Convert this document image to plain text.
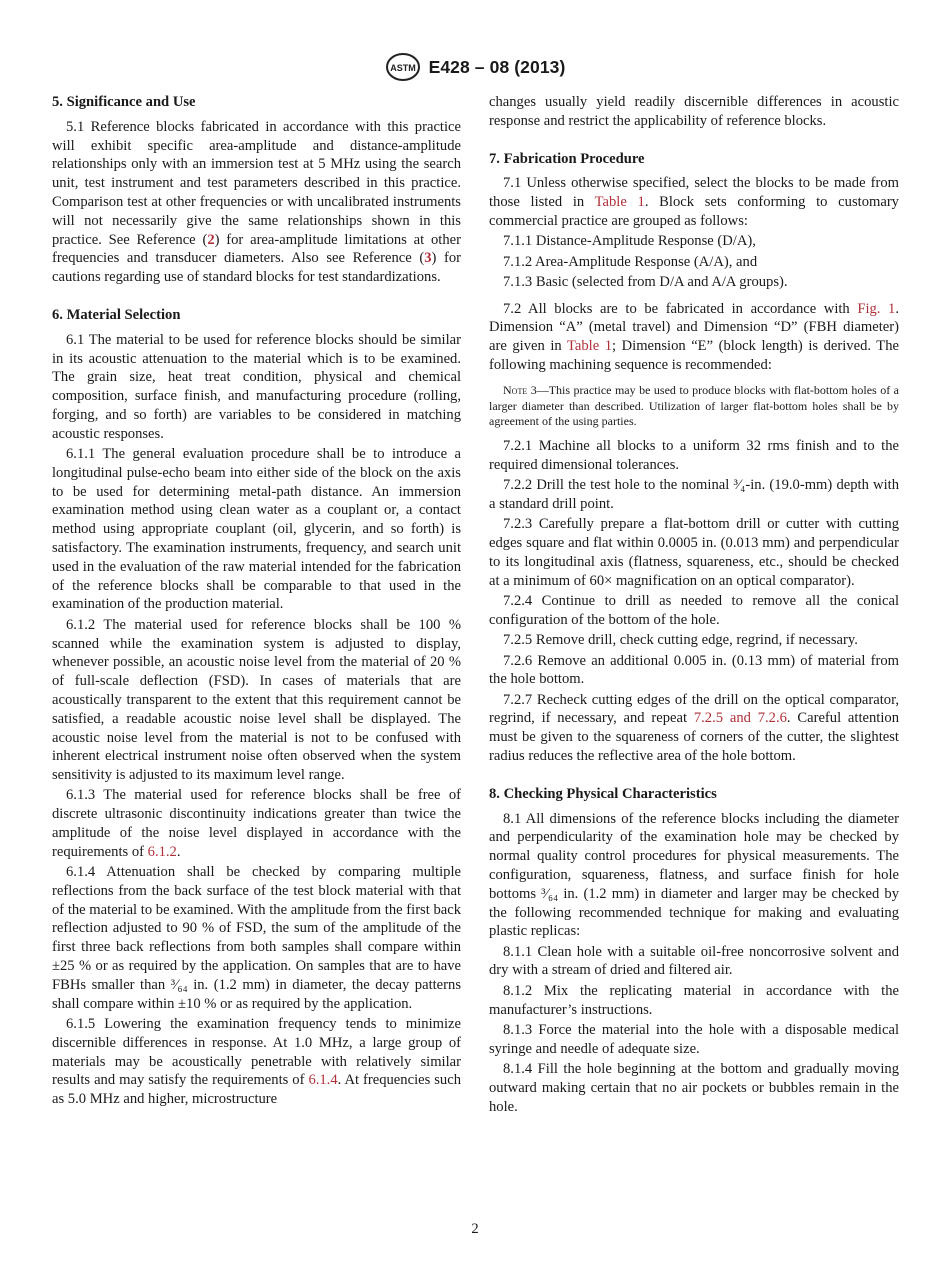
ASTM E428 – 08 (2013)
5. Significance and Use

5.1 Reference blocks fabricated in accordance with this practice will exhibit specific area-amplitude and distance-amplitude relationships only with an immersion test at 5 MHz using the search unit, test instrument and test parameters described in this practice. Comparison test at other frequencies or with uncalibrated instruments will not necessarily give the same relationships shown in this practice. See Reference (2) for area-amplitude limitations at other frequencies and transducer diameters. Also see Reference (3) for cautions regarding use of standard blocks for test standardizations.

6. Material Selection

6.1 The material to be used for reference blocks should be similar in its acoustic attenuation to the material which is to be examined. The grain size, heat treat condition, physical and chemical composition, surface finish, and manufacturing procedure (rolling, forging, and so forth) are variables to be considered in matching acoustic responses.

6.1.1 The general evaluation procedure shall be to introduce a longitudinal pulse-echo beam into either side of the block on the axis to be used for determining metal-path distance. An immersion examination method using clean water as a couplant or, a contact method using appropriate couplant (oil, glycerin, and so forth) is satisfactory. The examination instruments, frequency, and search unit used in the evaluation of the raw material intended for the fabrication of the reference blocks shall be comparable to that used in the examination of the production material.

6.1.2 The material used for reference blocks shall be 100 % scanned while the examination system is adjusted to display, whenever possible, an acoustic noise level from the material of 20 % of full-scale deflection (FSD). In cases of materials that are acoustically transparent to the extent that this requirement cannot be satisfied, a readable acoustic noise level shall be displayed. The acoustic noise level from the material is not to be confused with inherent electrical instrument noise often observed when the system sensitivity is adjusted to its maximum level range.

6.1.3 The material used for reference blocks shall be free of discrete ultrasonic discontinuity indications greater than twice the amplitude of the noise level displayed in accordance with the requirements of 6.1.2.

6.1.4 Attenuation shall be checked by comparing multiple reflections from the back surface of the test block material with that of the material to be examined. With the amplitude from the first back reflection adjusted to 90 % of FSD, the sum of the amplitude of the first three back reflections from both samples shall compare within ±25 % or as required by the application. On samples that are to have FBHs smaller than ³⁄₆₄ in. (1.2 mm) in diameter, the decay patterns shall compare within ±10 % or as required by the application.

6.1.5 Lowering the examination frequency tends to minimize discernible differences in response. At 1.0 MHz, a large group of materials may be acoustically penetrable with relatively similar results and may satisfy the requirements of 6.1.4. At frequencies such as 5.0 MHz and higher, microstructure

changes usually yield readily discernible differences in acoustic response and restrict the applicability of reference blocks.

7. Fabrication Procedure

7.1 Unless otherwise specified, select the blocks to be made from those listed in Table 1. Block sets conforming to customary commercial practice are grouped as follows:

7.1.1 Distance-Amplitude Response (D/A),

7.1.2 Area-Amplitude Response (A/A), and

7.1.3 Basic (selected from D/A and A/A groups).

7.2 All blocks are to be fabricated in accordance with Fig. 1. Dimension “A” (metal travel) and Dimension “D” (FBH diameter) are given in Table 1; Dimension “E” (block length) is derived. The following machining sequence is recommended:

Note 3—This practice may be used to produce blocks with flat-bottom holes of a larger diameter than described. Utilization of larger flat-bottom holes shall be by agreement of the using parties.

7.2.1 Machine all blocks to a uniform 32 rms finish and to the required dimensional tolerances.

7.2.2 Drill the test hole to the nominal ³⁄₄-in. (19.0-mm) depth with a standard drill point.

7.2.3 Carefully prepare a flat-bottom drill or cutter with cutting edges square and flat within 0.0005 in. (0.013 mm) and perpendicular to its longitudinal axis (flatness, squareness, etc., should be checked at a minimum of 60× magnification on an optical comparator).

7.2.4 Continue to drill as needed to remove all the conical configuration of the bottom of the hole.

7.2.5 Remove drill, check cutting edge, regrind, if necessary.

7.2.6 Remove an additional 0.005 in. (0.13 mm) of material from the hole bottom.

7.2.7 Recheck cutting edges of the drill on the optical comparator, regrind, if necessary, and repeat 7.2.5 and 7.2.6. Careful attention must be given to the squareness of corners of the cutter, the slightest radius reduces the reflective area of the hole bottom.

8. Checking Physical Characteristics

8.1 All dimensions of the reference blocks including the diameter and perpendicularity of the examination hole may be checked by normal quality control procedures for physical measurements. The configuration, squareness, flatness, and surface finish for hole bottoms ³⁄₆₄ in. (1.2 mm) in diameter and larger may be checked by the following recommended technique for making and evaluating plastic replicas:

8.1.1 Clean hole with a suitable oil-free noncorrosive solvent and dry with a stream of dried and filtered air.

8.1.2 Mix the replicating material in accordance with the manufacturer’s instructions.

8.1.3 Force the material into the hole with a disposable medical syringe and needle of adequate size.

8.1.4 Fill the hole beginning at the bottom and gradually moving outward making certain that no air pockets or bubbles remain in the hole.

2
